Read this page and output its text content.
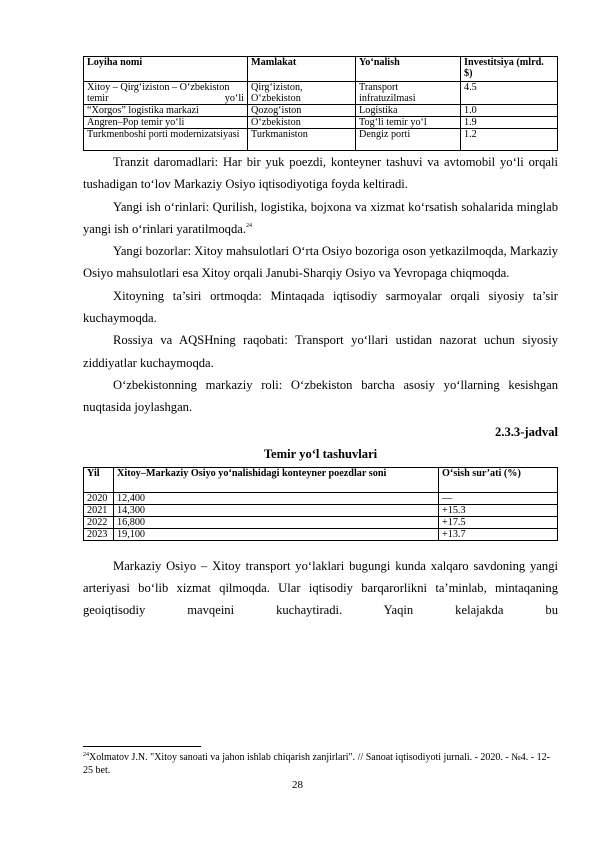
Loyiha nomi	Mamlakat	Yo‘nalish	Investitsiya (mlrd. $)
Xitoy – Qirg‘iziston – O‘zbekiston temir yo‘li	Qirg‘iziston, O‘zbekiston	Transport infratuzilmasi	4.5
“Xorgos” logistika markazi	Qozog‘iston	Logistika	1.0
Angren–Pop temir yo‘li	O‘zbekiston	Tog‘li temir yo‘l	1.9
Turkmenboshi porti modernizatsiyasi	Turkmaniston	Dengiz porti	1.2

Tranzit daromadlari: Har bir yuk poezdi, konteyner tashuvi va avtomobil yo‘li orqali tushadigan to‘lov Markaziy Osiyo iqtisodiyotiga foyda keltiradi.

Yangi ish o‘rinlari: Qurilish, logistika, bojxona va xizmat ko‘rsatish sohalarida minglab yangi ish o‘rinlari yaratilmoqda.$^{24}$

Yangi bozorlar: Xitoy mahsulotlari O‘rta Osiyo bozoriga oson yetkazilmoqda, Markaziy Osiyo mahsulotlari esa Xitoy orqali Janubi-Sharqiy Osiyo va Yevropaga chiqmoqda.

Xitoyning ta’siri ortmoqda: Mintaqada iqtisodiy sarmoyalar orqali siyosiy ta’sir kuchaymoqda.

Rossiya va AQSHning raqobati: Transport yo‘llari ustidan nazorat uchun siyosiy ziddiyatlar kuchaymoqda.

O‘zbekistonning markaziy roli: O‘zbekiston barcha asosiy yo‘llarning kesishgan nuqtasida joylashgan.

2.3.3-jadval
Temir yo‘l tashuvlari
Yil	Xitoy–Markaziy Osiyo yo‘nalishidagi konteyner poezdlar soni	O‘sish sur’ati (%)
2020	12,400	—
2021	14,300	+15.3
2022	16,800	+17.5
2023	19,100	+13.7

Markaziy Osiyo – Xitoy transport yo‘laklari bugungi kunda xalqaro savdoning yangi arteriyasi bo‘lib xizmat qilmoqda. Ular iqtisodiy barqarorlikni ta’minlab, mintaqaning geoiqtisodiy mavqeini kuchaytiradi. Yaqin kelajakda bu

$^{24}$Xolmatov J.N. "Xitoy sanoati va jahon ishlab chiqarish zanjirlari". // Sanoat iqtisodiyoti jurnali. - 2020. - №4. - 12-25 bet.
28
